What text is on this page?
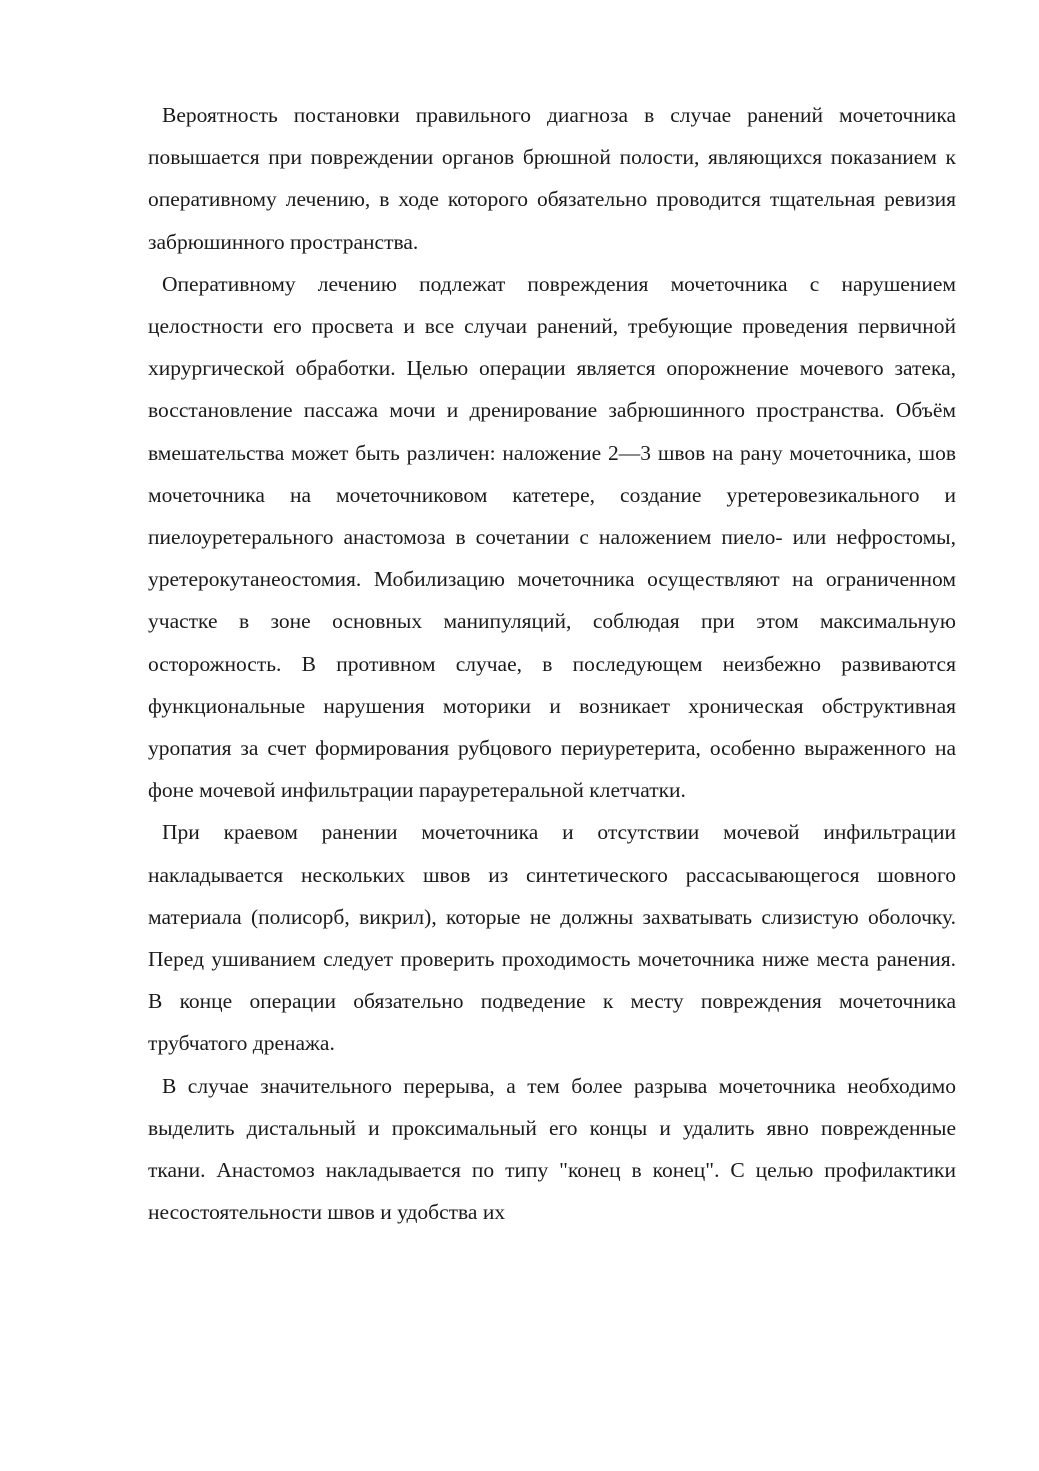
Вероятность постановки правильного диагноза в случае ранений мочеточника повышается при повреждении органов брюшной полости, являющихся показанием к оперативному лечению, в ходе которого обязательно проводится тщательная ревизия забрюшинного пространства.

Оперативному лечению подлежат повреждения мочеточника с нарушением целостности его просвета и все случаи ранений, требующие проведения первичной хирургической обработки. Целью операции является опорожнение мочевого затека, восстановление пассажа мочи и дренирование забрюшинного пространства. Объём вмешательства может быть различен: наложение 2—3 швов на рану мочеточника, шов мочеточника на мочеточниковом катетере, создание уретеровезикального и пиелоуретерального анастомоза в сочетании с наложением пиело- или нефростомы, уретерокутанеостомия. Мобилизацию мочеточника осуществляют на ограниченном участке в зоне основных манипуляций, соблюдая при этом максимальную осторожность. В противном случае, в последующем неизбежно развиваются функциональные нарушения моторики и возникает хроническая обструктивная уропатия за счет формирования рубцового периуретерита, особенно выраженного на фоне мочевой инфильтрации парауретеральной клетчатки.

При краевом ранении мочеточника и отсутствии мочевой инфильтрации накладывается нескольких швов из синтетического рассасывающегося шовного материала (полисорб, викрил), которые не должны захватывать слизистую оболочку. Перед ушиванием следует проверить проходимость мочеточника ниже места ранения. В конце операции обязательно подведение к месту повреждения мочеточника трубчатого дренажа.

В случае значительного перерыва, а тем более разрыва мочеточника необходимо выделить дистальный и проксимальный его концы и удалить явно поврежденные ткани. Анастомоз накладывается по типу "конец в конец". С целью профилактики несостоятельности швов и удобства их
